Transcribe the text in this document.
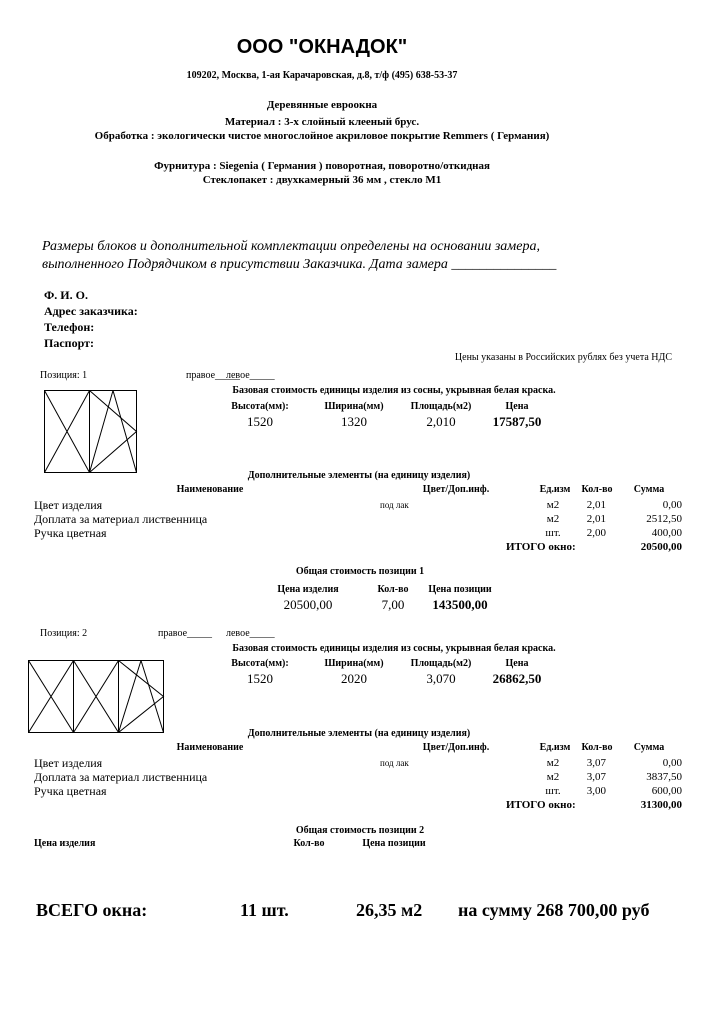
ООО "ОКНАДОК"
109202, Москва, 1-ая Карачаровская, д.8, т/ф (495) 638-53-37
Деревянные евроокна
Материал : 3-х слойный клееный брус.
Обработка : экологически чистое многослойное акриловое покрытие Remmers ( Германия)
Фурнитура : Siegenia ( Германия ) поворотная, поворотно/откидная
Стеклопакет : двухкамерный 36 мм , стекло М1
Размеры блоков и дополнительной комплектации определены на основании замера,
выполненного Подрядчиком в присутствии Заказчика. Дата замера _______________
Ф. И. О.
Адрес заказчика:
Телефон:
Паспорт:
Цены указаны в Российских рублях без учета НДС
Позиция: 1	правое_____
левое_____
Базовая стоимость единицы изделия из сосны, укрывная белая краска.
Высота(мм):	Ширина(мм)	Площадь(м2)	Цена
1520	1320	2,010	17587,50
Дополнительные элементы (на единицу изделия)
Наименование	Цвет/Доп.инф.	Ед.изм	Кол-во	Сумма
Цвет изделия	под лак	м2	2,01	0,00
Доплата за материал лиственница	м2	2,01	2512,50
Ручка цветная	шт.	2,00	400,00
ИТОГО окно:	20500,00
Общая стоимость позиции 1
Цена изделия	Кол-во	Цена позиции
20500,00	7,00	143500,00
Позиция: 2	правое_____ левое_____
Базовая стоимость единицы изделия из сосны, укрывная белая краска.
Высота(мм):	Ширина(мм)	Площадь(м2)	Цена
1520	2020	3,070	26862,50
Дополнительные элементы (на единицу изделия)
Наименование	Цвет/Доп.инф.	Ед.изм	Кол-во	Сумма
Цвет изделия	под лак	м2	3,07	0,00
Доплата за материал лиственница	м2	3,07	3837,50
Ручка цветная	шт.	3,00	600,00
ИТОГО окно:	31300,00
Общая стоимость позиции 2
Цена изделия	Кол-во	Цена позиции
ВСЕГО окна:	11 шт.	26,35 м2 на сумму 268 700,00 руб
